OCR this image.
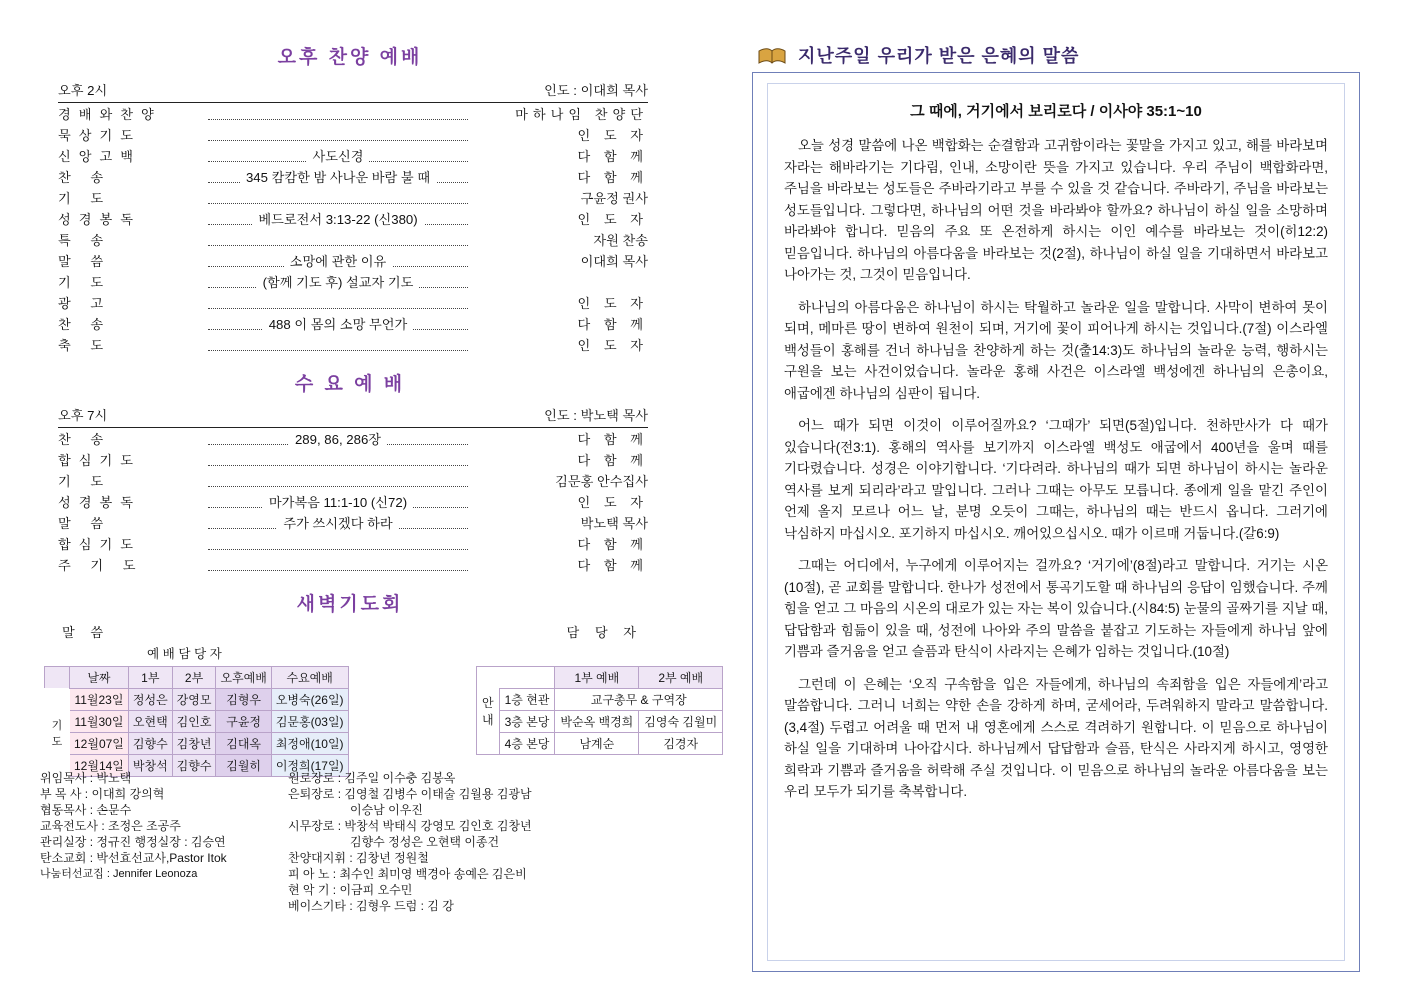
오후 찬양 예배
오후 2시		인도 : 이대희 목사

경배와찬양		마하나임 찬양단
묵상기도		인 도 자
신앙고백	사도신경	다 함 께
찬 송	345 캄캄한 밤 사나운 바람 불 때	다 함 께
기 도		구윤정 권사
성경봉독	베드로전서 3:13-22 (신380)	인 도 자
특 송		자원 찬송
말 씀	소망에 관한 이유	이대희 목사
기 도	(함께 기도 후) 설교자 기도	
광 고		인 도 자
찬 송	488 이 몸의 소망 무언가	다 함 께
축 도		인 도 자
수 요 예 배
오후 7시		인도 : 박노택 목사

찬 송	289, 86, 286장	다 함 께
합심기도		다 함 께
기 도		김문홍 안수집사
성경봉독	마가복음 11:1-10 (신72)	인 도 자
말 씀	주가 쓰시겠다 하라	박노택 목사
합심기도		다 함 께
주 기 도		다 함 께
새벽기도회
말 씀	담 당 자
예 배 담 당 자
	날짜	1부	2부	오후예배	수요예배
기
도	11월23일	정성은	강영모	김형우	오병숙(26일)
	11월30일	오현택	김인호	구윤정	김문홍(03일)
	12월07일	김향수	김창년	김대옥	최정애(10일)
	12월14일	박창석	김향수	김월히	이정희(17일)
안
내		1부 예배	2부 예배
	1층 현관	교구총무 & 구역장	
	3층 본당	박순옥 백경희	김영숙 김월미
	4층 본당	남계순	김경자
위임목사 : 박노택
부 목 사 : 이대희 강의혁
협동목사 : 손문수
교육전도사 : 조정은 조공주
관리실장 : 정규진 행정실장 : 김승연
탄소교회 : 박선효선교사,Pastor Itok
나눔터선교집 : Jennifer Leonoza
원로장로 : 김주일 이수충 김봉옥
은퇴장로 : 김영철 김병수 이태술 김월용 김광남
이승남 이우진
시무장로 : 박창석 박태식 강영모 김인호 김창년
김향수 정성은 오현택 이종건
찬양대지휘 : 김창년 정원철
피 아 노 : 최수인 최미영 백경아 송예은 김은비
현 악 기 : 이금피 오수민
베이스기타 : 김형우 드럼 : 김 강
지난주일 우리가 받은 은혜의 말씀
그 때에, 거기에서 보리로다 / 이사야 35:1~10

오늘 성경 말씀에 나온 백합화는 순결함과 고귀함이라는 꽃말을 가지고 있고, 해를 바라보며 자라는 해바라기는 기다림, 인내, 소망이란 뜻을 가지고 있습니다. 우리 주님이 백합화라면, 주님을 바라보는 성도들은 주바라기라고 부를 수 있을 것 같습니다. 주바라기, 주님을 바라보는 성도들입니다. 그렇다면, 하나님의 어떤 것을 바라봐야 할까요? 하나님이 하실 일을 소망하며 바라봐야 합니다. 믿음의 주요 또 온전하게 하시는 이인 예수를 바라보는 것이(히12:2) 믿음입니다. 하나님의 아름다움을 바라보는 것(2절), 하나님이 하실 일을 기대하면서 바라보고 나아가는 것, 그것이 믿음입니다.

하나님의 아름다움은 하나님이 하시는 탁월하고 놀라운 일을 말합니다. 사막이 변하여 못이 되며, 메마른 땅이 변하여 원천이 되며, 거기에 꽃이 피어나게 하시는 것입니다.(7절) 이스라엘 백성들이 홍해를 건너 하나님을 찬양하게 하는 것(출14:3)도 하나님의 놀라운 능력, 행하시는 구원을 보는 사건이었습니다. 놀라운 홍해 사건은 이스라엘 백성에겐 하나님의 은총이요, 애굽에겐 하나님의 심판이 됩니다.

어느 때가 되면 이것이 이루어질까요? ‘그때가’ 되면(5절)입니다. 천하만사가 다 때가 있습니다(전3:1). 홍해의 역사를 보기까지 이스라엘 백성도 애굽에서 400년을 울며 때를 기다렸습니다. 성경은 이야기합니다. ‘기다려라. 하나님의 때가 되면 하나님이 하시는 놀라운 역사를 보게 되리라’라고 말입니다. 그러나 그때는 아무도 모릅니다. 종에게 일을 맡긴 주인이 언제 올지 모르나 어느 날, 분명 오듯이 그때는, 하나님의 때는 반드시 옵니다. 그러기에 낙심하지 마십시오. 포기하지 마십시오. 깨어있으십시오. 때가 이르매 거둡니다.(갈6:9)

그때는 어디에서, 누구에게 이루어지는 걸까요? ‘거기에’(8절)라고 말합니다. 거기는 시온(10절), 곧 교회를 말합니다. 한나가 성전에서 통곡기도할 때 하나님의 응답이 임했습니다. 주께 힘을 얻고 그 마음의 시온의 대로가 있는 자는 복이 있습니다.(시84:5) 눈물의 골짜기를 지날 때, 답답함과 힘듦이 있을 때, 성전에 나아와 주의 말씀을 붙잡고 기도하는 자들에게 하나님 앞에 기쁨과 즐거움을 얻고 슬픔과 탄식이 사라지는 은혜가 임하는 것입니다.(10절)

그런데 이 은혜는 ‘오직 구속함을 입은 자들에게, 하나님의 속죄함을 입은 자들에게’라고 말씀합니다. 그러니 너희는 약한 손을 강하게 하며, 굳세어라, 두려워하지 말라고 말씀합니다.(3,4절) 두렵고 어려울 때 먼저 내 영혼에게 스스로 격려하기 원합니다. 이 믿음으로 하나님이 하실 일을 기대하며 나아갑시다. 하나님께서 답답함과 슬픔, 탄식은 사라지게 하시고, 영영한 희락과 기쁨과 즐거움을 허락해 주실 것입니다. 이 믿음으로 하나님의 놀라운 아름다움을 보는 우리 모두가 되기를 축복합니다.
